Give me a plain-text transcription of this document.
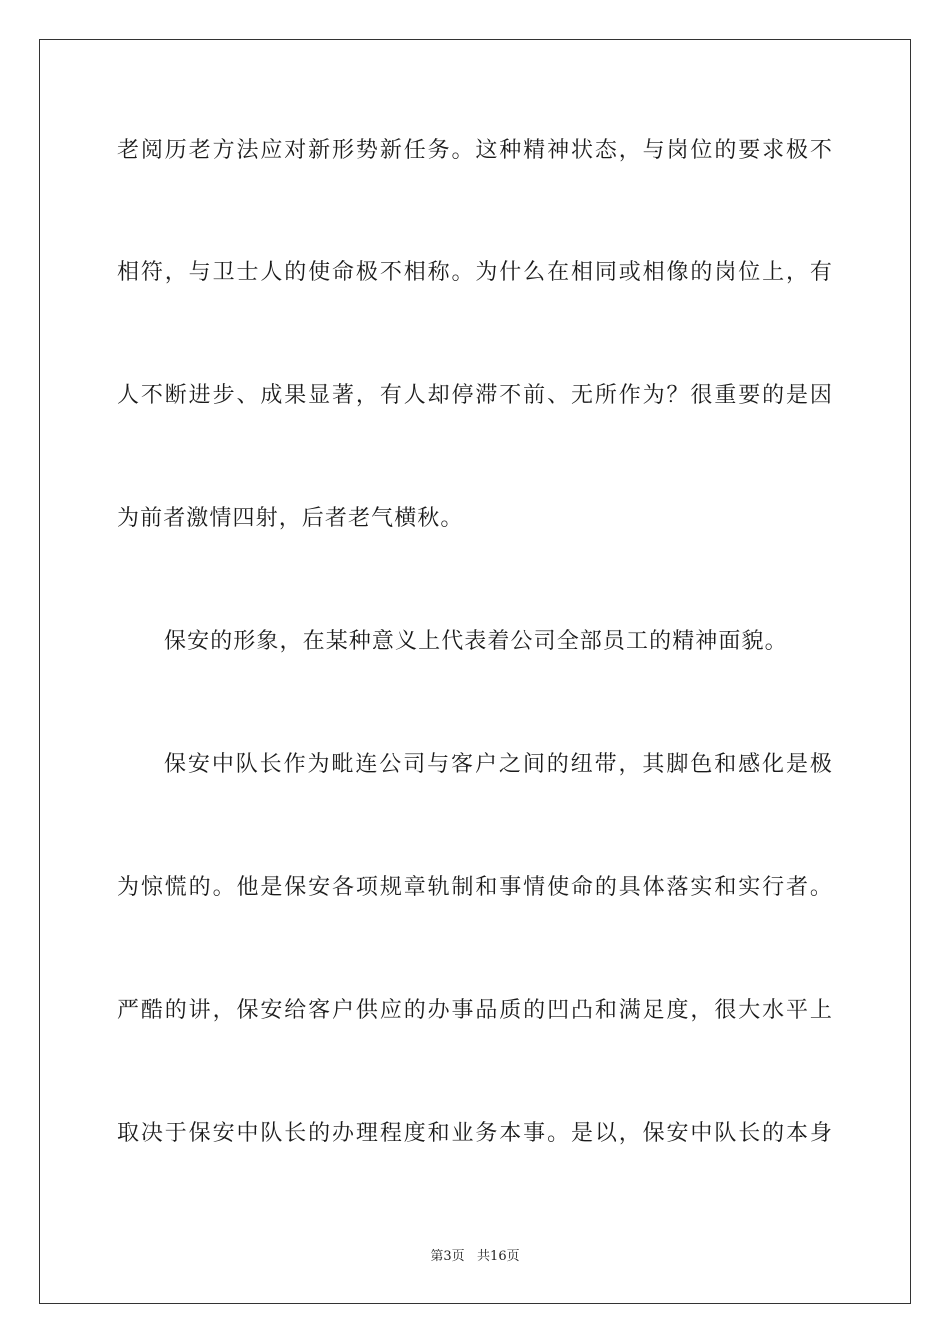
老阅历老方法应对新形势新任务。这种精神状态，与岗位的要求极不
相符，与卫士人的使命极不相称。为什么在相同或相像的岗位上，有
人不断进步、成果显著，有人却停滞不前、无所作为？很重要的是因
为前者激情四射，后者老气横秋。
保安的形象，在某种意义上代表着公司全部员工的精神面貌。
保安中队长作为毗连公司与客户之间的纽带，其脚色和感化是极
为惊慌的。他是保安各项规章轨制和事情使命的具体落实和实行者。
严酷的讲，保安给客户供应的办事品质的凹凸和满足度，很大水平上
取决于保安中队长的办理程度和业务本事。是以，保安中队长的本身
第3页   共16页
